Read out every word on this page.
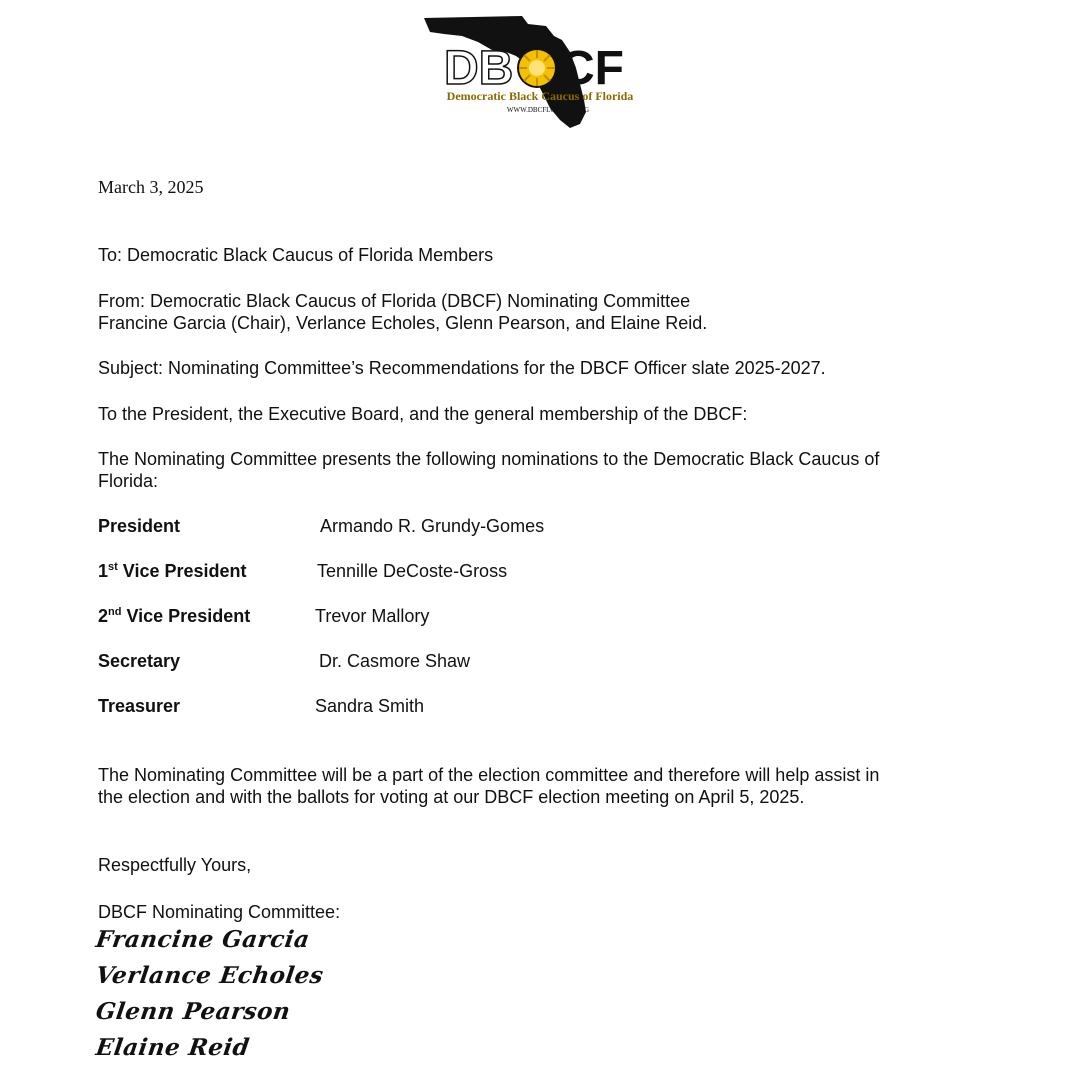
DB CF
Democratic Black Caucus of Florida
WWW.DBCFLORIDA.ORG
March 3, 2025

To: Democratic Black Caucus of Florida Members

From: Democratic Black Caucus of Florida (DBCF) Nominating Committee
Francine Garcia (Chair), Verlance Echoles, Glenn Pearson, and Elaine Reid.

Subject: Nominating Committee’s Recommendations for the DBCF Officer slate 2025-2027.

To the President, the Executive Board, and the general membership of the DBCF:

The Nominating Committee presents the following nominations to the Democratic Black Caucus of
Florida:
President	Armando R. Grundy-Gomes
1st Vice President	Tennille DeCoste-Gross
2nd Vice President	Trevor Mallory
Secretary	Dr. Casmore Shaw
Treasurer	Sandra Smith
The Nominating Committee will be a part of the election committee and therefore will help assist in
the election and with the ballots for voting at our DBCF election meeting on April 5, 2025.

Respectfully Yours,

DBCF Nominating Committee:

Francine Garcia
Verlance Echoles
Glenn Pearson
Elaine Reid
